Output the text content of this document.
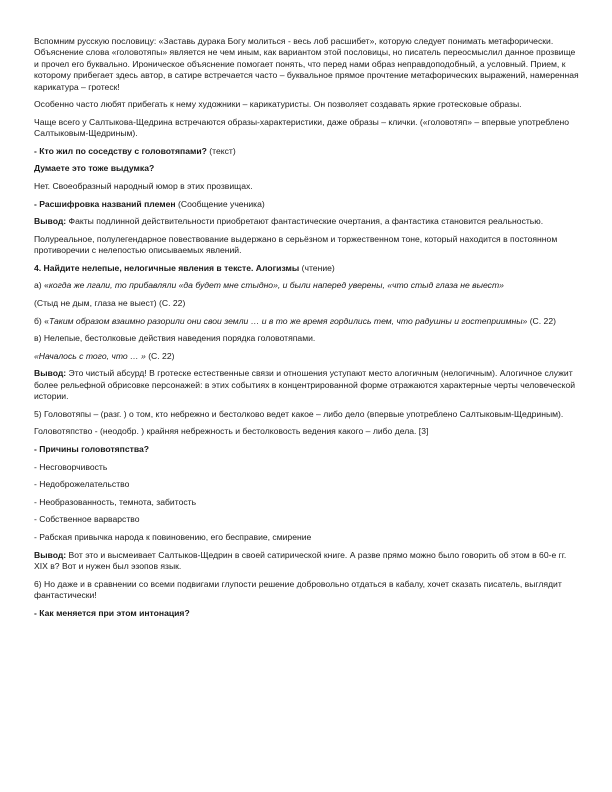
Вспомним русскую пословицу: «Заставь дурака Богу молиться - весь лоб расшибет», которую следует понимать метафорически. Объяснение слова «головотяпы» является не чем иным, как вариантом этой пословицы, но писатель переосмыслил данное прозвище и прочел его буквально. Ироническое объяснение помогает понять, что перед нами образ неправдоподобный, а условный. Прием, к которому прибегает здесь автор, в сатире встречается часто – буквальное прямое прочтение метафорических выражений, намеренная карикатура – гротеск!

Особенно часто любят прибегать к нему художники – карикатуристы. Он позволяет создавать яркие гротесковые образы.

Чаще всего у Салтыкова-Щедрина встречаются образы-характеристики, даже образы – клички. («головотяп» – впервые употреблено Салтыковым-Щедриным).

- Кто жил по соседству с головотяпами? (текст)

Думаете это тоже выдумка?

Нет. Своеобразный народный юмор в этих прозвищах.

- Расшифровка названий племен (Сообщение ученика)

Вывод: Факты подлинной действительности приобретают фантастические очертания, а фантастика становится реальностью.

Полуреальное, полулегендарное повествование выдержано в серьёзном и торжественном тоне, который находится в постоянном противоречии с нелепостью описываемых явлений.

4. Найдите нелепые, нелогичные явления в тексте. Алогизмы (чтение)

а) «когда же лгали, то прибавляли «да будет мне стыдно», и были наперед уверены, «что стыд глаза не выест»

(Стыд не дым, глаза не выест) (С. 22)

б) «Таким образом взаимно разорили они свои земли … и в то же время гордились тем, что радушны и гостеприимны» (С. 22)

в) Нелепые, бестолковые действия наведения порядка головотяпами.

«Началось с того, что … » (С. 22)

Вывод: Это чистый абсурд! В гротеске естественные связи и отношения уступают место алогичным (нелогичным). Алогичное служит более рельефной обрисовке персонажей: в этих событиях в концентрированной форме отражаются характерные черты человеческой истории.

5) Головотяпы – (разг. ) о том, кто небрежно и бестолково ведет какое – либо дело (впервые употреблено Салтыковым-Щедриным).

Головотяпство - (неодобр. ) крайняя небрежность и бестолковость ведения какого – либо дела. [3]

- Причины головотяпства?

- Несговорчивость

- Недоброжелательство

- Необразованность, темнота, забитость

- Собственное варварство

- Рабская привычка народа к повиновению, его бесправие, смирение

Вывод: Вот это и высмеивает Салтыков-Щедрин в своей сатирической книге. А разве прямо можно было говорить об этом в 60-е гг. XIX в? Вот и нужен был эзопов язык.

6) Но даже и в сравнении со всеми подвигами глупости решение добровольно отдаться в кабалу, хочет сказать писатель, выглядит фантастически!

- Как меняется при этом интонация?
